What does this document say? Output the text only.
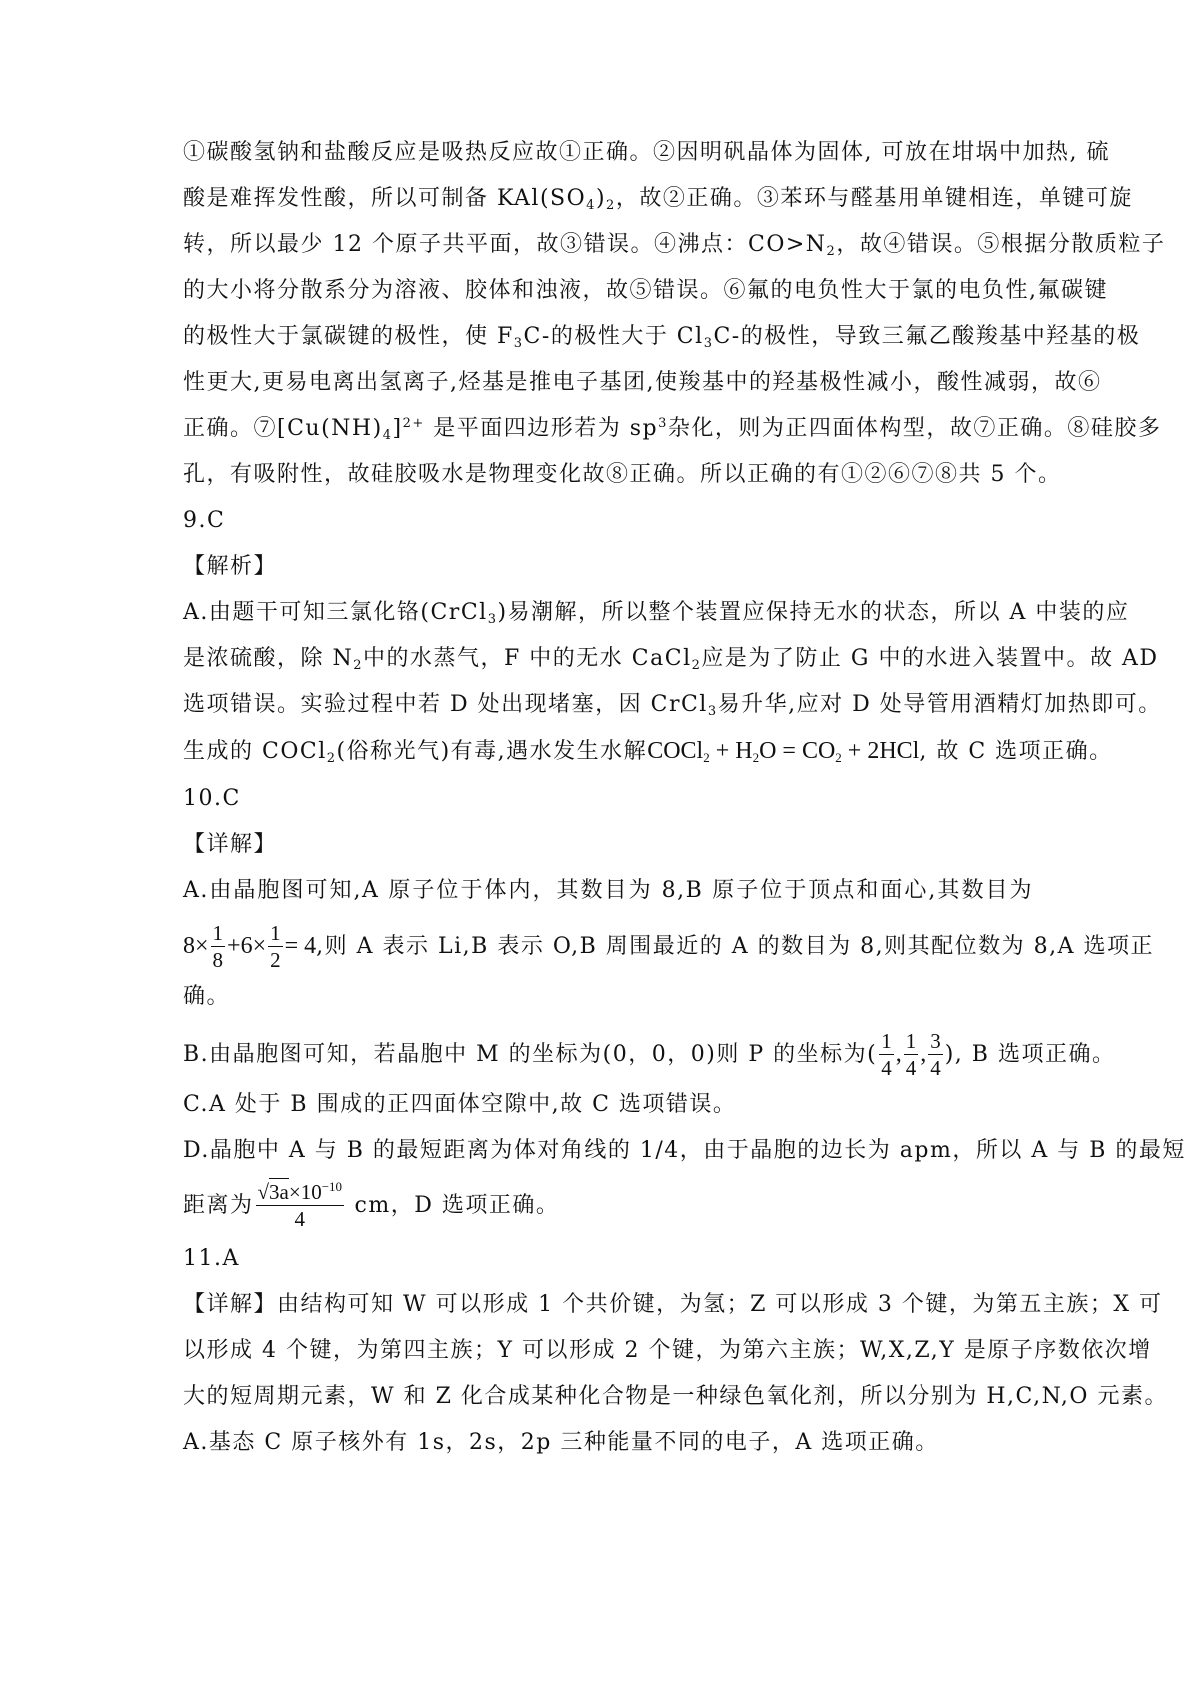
①碳酸氢钠和盐酸反应是吸热反应故①正确。②因明矾晶体为固体, 可放在坩埚中加热, 硫
酸是难挥发性酸，所以可制备 $KAl(SO_4)_2$，故②正确。③苯环与醛基用单键相连，单键可旋
转，所以最少 12 个原子共平面，故③错误。④沸点：$CO>N_2$，故④错误。⑤根据分散质粒子
的大小将分散系分为溶液、胶体和浊液，故⑤错误。⑥氟的电负性大于氯的电负性,氟碳键
的极性大于氯碳键的极性，使 $F_3C-$的极性大于 $Cl_3C-$的极性，导致三氟乙酸羧基中羟基的极
性更大,更易电离出氢离子,烃基是推电子基团,使羧基中的羟基极性减小，酸性减弱，故⑥
正确。$⑦[Cu(NH)_4]^{2+}$ 是平面四边形若为 $sp^3$杂化，则为正四面体构型，故⑦正确。⑧硅胶多
孔，有吸附性，故硅胶吸水是物理变化故⑧正确。所以正确的有①②⑥⑦⑧共 5 个。
9.C
【解析】
A.由题干可知三氯化铬(CrCl$_3$)易潮解，所以整个装置应保持无水的状态，所以 A 中装的应
是浓硫酸，除 $N_2$中的水蒸气，F 中的无水 CaCl$_2$应是为了防止 G 中的水进入装置中。故 AD
选项错误。实验过程中若 D 处出现堵塞，因 CrCl$_3$易升华,应对 D 处导管用酒精灯加热即可。
生成的 COCl$_2$(俗称光气)有毒,遇水发生水解COCl$_2$ + $H_2O = CO_2 + 2HCl$, 故 C 选项正确。
10.C
【详解】
A.由晶胞图可知,A 原子位于体内，其数目为 8,B 原子位于顶点和面心,其数目为
$8\times \frac{1}{8} +6\times \frac{1}{2} = 4$,则 A 表示 Li,B 表示 O,B 周围最近的 A 的数目为 8,则其配位数为 8,A 选项正
确。
B.由晶胞图可知，若晶胞中 M 的坐标为(0，0，0)则 P 的坐标为( $\frac{1}{4}$ , $\frac{1}{4}$ , $\frac{3}{4}$ ), B 选项正确。
C.A 处于 B 围成的正四面体空隙中,故 C 选项错误。
D.晶胞中 A 与 B 的最短距离为体对角线的 1/4，由于晶胞的边长为 apm，所以 A 与 B 的最短
距离为 $\frac{√3a\times 10^{-10}}{4}$ cm，D 选项正确。
11.A
【详解】由结构可知 W 可以形成 1 个共价键，为氢；Z 可以形成 3 个键，为第五主族；X 可
以形成 4 个键，为第四主族；Y 可以形成 2 个键，为第六主族；W,X,Z,Y 是原子序数依次增
大的短周期元素，W 和 Z 化合成某种化合物是一种绿色氧化剂，所以分别为 H,C,N,O 元素。
A.基态 C 原子核外有 1s，2s，2p 三种能量不同的电子，A 选项正确。
